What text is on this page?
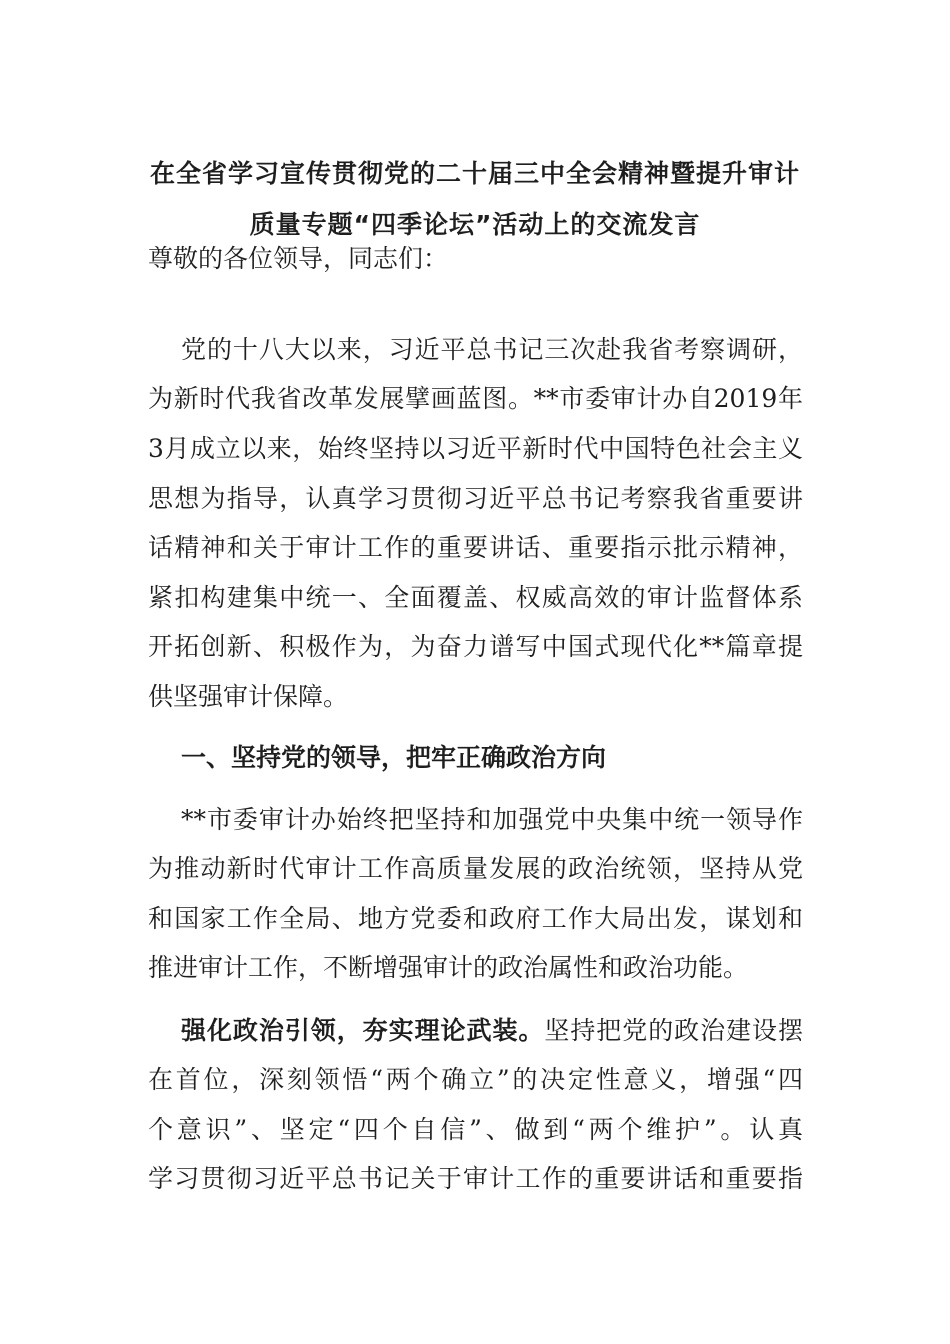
在全省学习宣传贯彻党的二十届三中全会精神暨提升审计
质量专题“四季论坛”活动上的交流发言
尊敬的各位领导，同志们：
党的十八大以来，习近平总书记三次赴我省考察调研，
为新时代我省改革发展擘画蓝图。**市委审计办自2019年
3月成立以来，始终坚持以习近平新时代中国特色社会主义
思想为指导，认真学习贯彻习近平总书记考察我省重要讲
话精神和关于审计工作的重要讲话、重要指示批示精神，
紧扣构建集中统一、全面覆盖、权威高效的审计监督体系
开拓创新、积极作为，为奋力谱写中国式现代化**篇章提
供坚强审计保障。
一、坚持党的领导，把牢正确政治方向
**市委审计办始终把坚持和加强党中央集中统一领导作
为推动新时代审计工作高质量发展的政治统领，坚持从党
和国家工作全局、地方党委和政府工作大局出发，谋划和
推进审计工作，不断增强审计的政治属性和政治功能。
强化政治引领，夯实理论武装。坚持把党的政治建设摆
在首位，深刻领悟“两个确立”的决定性意义，增强“四
个意识”、坚定“四个自信”、做到“两个维护”。认真
学习贯彻习近平总书记关于审计工作的重要讲话和重要指
